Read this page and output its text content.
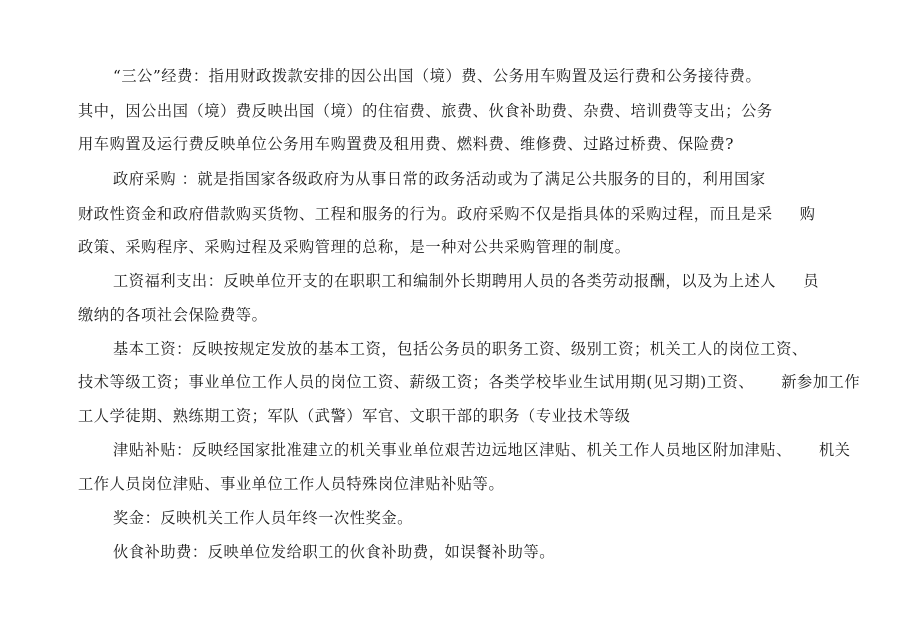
“三公”经费：指用财政拨款安排的因公出国（境）费、公务用车购置及运行费和公务接待费。
其中，因公出国（境）费反映出国（境）的住宿费、旅费、伙食补助费、杂费、培训费等支出；公务
用车购置及运行费反映单位公务用车购置费及租用费、燃料费、维修费、过路过桥费、保险费?
政府采购 ：就是指国家各级政府为从事日常的政务活动或为了满足公共服务的目的，利用国家
财政性资金和政府借款购买货物、工程和服务的行为。政府采购不仅是指具体的采购过程，而且是采     购
政策、采购程序、采购过程及采购管理的总称，是一种对公共采购管理的制度。
工资福利支出：反映单位开支的在职职工和编制外长期聘用人员的各类劳动报酬，以及为上述人     员
缴纳的各项社会保险费等。
基本工资：反映按规定发放的基本工资，包括公务员的职务工资、级别工资；机关工人的岗位工资、
技术等级工资；事业单位工作人员的岗位工资、薪级工资；各类学校毕业生试用期(见习期)工资、     新参加工作
工人学徒期、熟练期工资；军队（武警）军官、文职干部的职务（专业技术等级
津贴补贴：反映经国家批准建立的机关事业单位艰苦边远地区津贴、机关工作人员地区附加津贴、     机关
工作人员岗位津贴、事业单位工作人员特殊岗位津贴补贴等。
奖金：反映机关工作人员年终一次性奖金。
伙食补助费：反映单位发给职工的伙食补助费，如误餐补助等。
